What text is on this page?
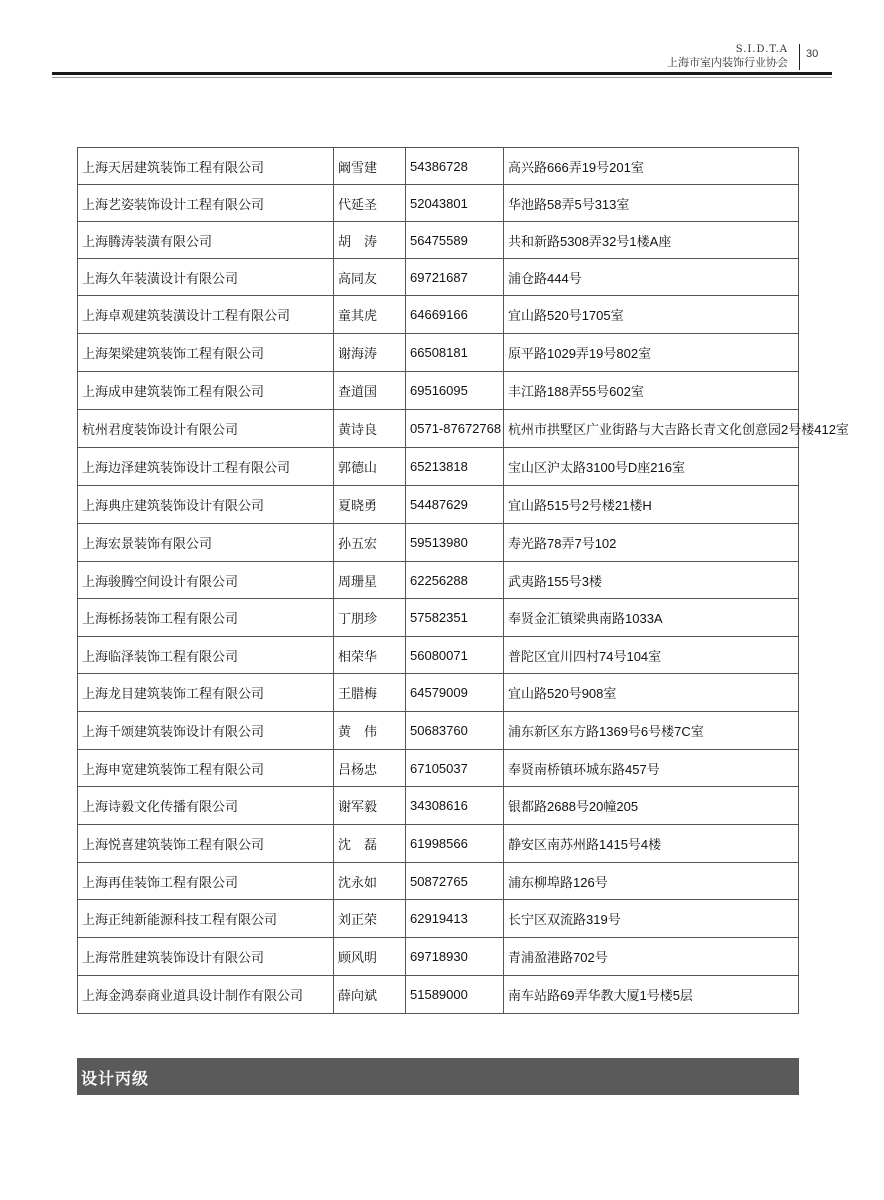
S.I.D.T.A
上海市室内装饰行业协会
30
上海天居建筑装饰工程有限公司	阚雪建	54386728	高兴路666弄19号201室
上海艺姿装饰设计工程有限公司	代延圣	52043801	华池路58弄5号313室
上海腾涛装潢有限公司	胡　涛	56475589	共和新路5308弄32号1楼A座
上海久年装潢设计有限公司	高同友	69721687	浦仓路444号
上海卓观建筑装潢设计工程有限公司	童其虎	64669166	宜山路520号1705室
上海架梁建筑装饰工程有限公司	谢海涛	66508181	原平路1029弄19号802室
上海成申建筑装饰工程有限公司	查道国	69516095	丰江路188弄55号602室
杭州君度装饰设计有限公司	黄诗良	0571-87672768	杭州市拱墅区广业街路与大吉路长青文化创意园2号楼412室
上海边泽建筑装饰设计工程有限公司	郭德山	65213818	宝山区沪太路3100号D座216室
上海典庄建筑装饰设计有限公司	夏晓勇	54487629	宜山路515号2号楼21楼H
上海宏景装饰有限公司	孙五宏	59513980	寿光路78弄7号102
上海骏腾空间设计有限公司	周珊星	62256288	武夷路155号3楼
上海栎扬装饰工程有限公司	丁朋珍	57582351	奉贤金汇镇梁典南路1033A
上海临泽装饰工程有限公司	相荣华	56080071	普陀区宜川四村74号104室
上海龙目建筑装饰工程有限公司	王腊梅	64579009	宜山路520号908室
上海千颂建筑装饰设计有限公司	黄　伟	50683760	浦东新区东方路1369号6号楼7C室
上海申宽建筑装饰工程有限公司	吕杨忠	67105037	奉贤南桥镇环城东路457号
上海诗毅文化传播有限公司	谢军毅	34308616	银都路2688号20幢205
上海悦喜建筑装饰工程有限公司	沈　磊	61998566	静安区南苏州路1415号4楼
上海再佳装饰工程有限公司	沈永如	50872765	浦东柳埠路126号
上海正纯新能源科技工程有限公司	刘正荣	62919413	长宁区双流路319号
上海常胜建筑装饰设计有限公司	顾风明	69718930	青浦盈港路702号
上海金鸿泰商业道具设计制作有限公司	薛向斌	51589000	南车站路69弄华教大厦1号楼5层
设计丙级
